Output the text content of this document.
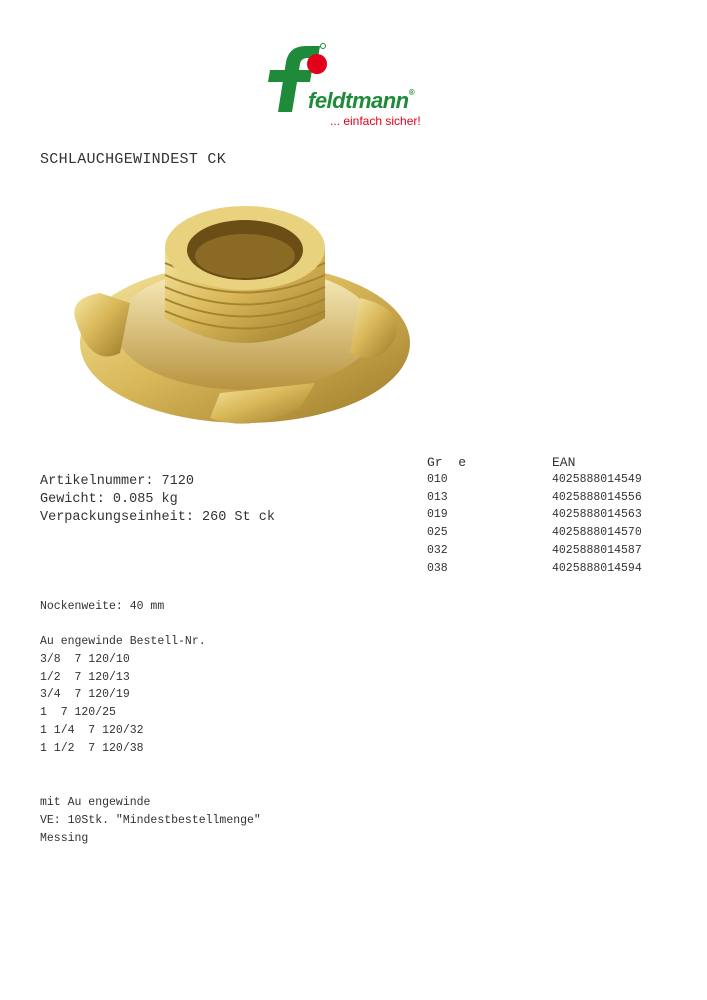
feldtmann®
... einfach sicher!
SCHLAUCHGEWINDEST CK
Artikelnummer: 7120
Gewicht: 0.085 kg
Verpackungseinheit: 260 St ck
Gr  e	EAN
010	4025888014549
013	4025888014556
019	4025888014563
025	4025888014570
032	4025888014587
038	4025888014594
Nockenweite: 40 mm
Au engewinde Bestell-Nr.
3/8  7 120/10
1/2  7 120/13
3/4  7 120/19
1  7 120/25
1 1/4  7 120/32
1 1/2  7 120/38
mit Au engewinde
VE: 10Stk. "Mindestbestellmenge"
Messing
